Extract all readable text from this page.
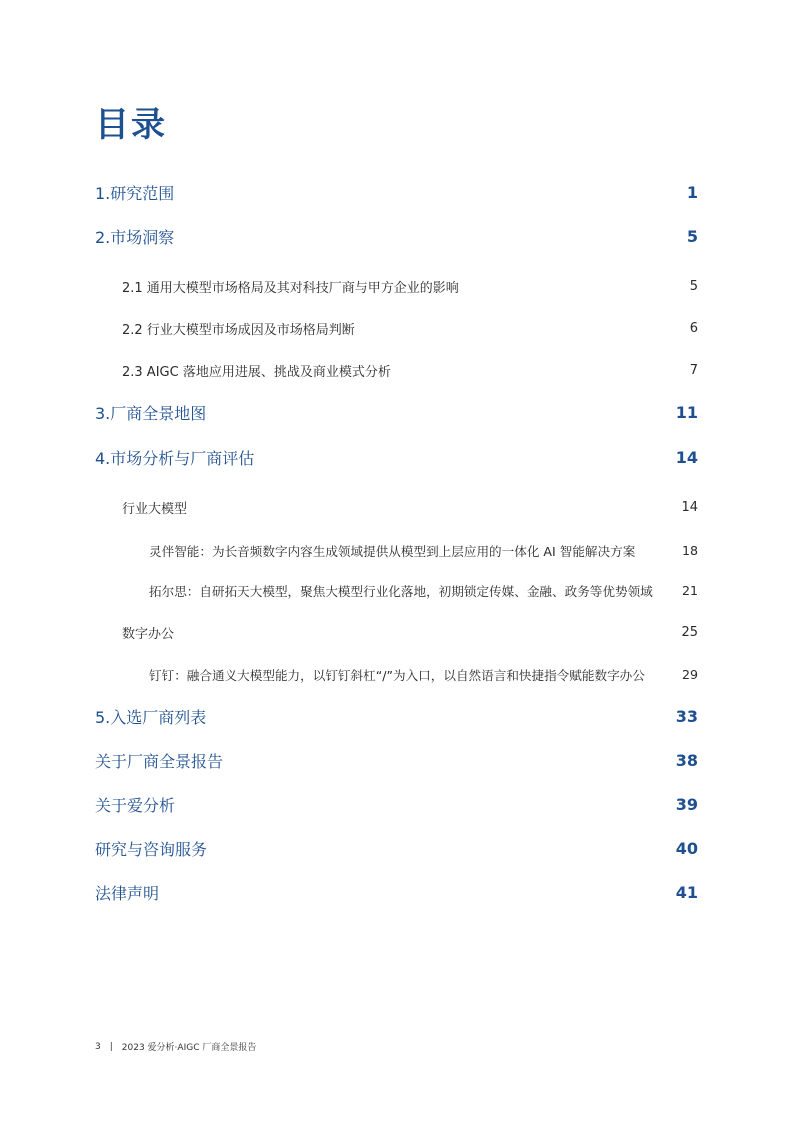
目录
1.研究范围	1
2.市场洞察	5
2.1 通用大模型市场格局及其对科技厂商与甲方企业的影响	5
2.2 行业大模型市场成因及市场格局判断	6
2.3 AIGC 落地应用进展、挑战及商业模式分析	7
3.厂商全景地图	11
4.市场分析与厂商评估	14
行业大模型	14
灵伴智能：为长音频数字内容生成领域提供从模型到上层应用的一体化 AI 智能解决方案	18
拓尔思：自研拓天大模型，聚焦大模型行业化落地，初期锁定传媒、金融、政务等优势领域 21
数字办公	25
钉钉：融合通义大模型能力，以钉钉斜杠“/”为入口，以自然语言和快捷指令赋能数字办公	29
5.入选厂商列表	33
关于厂商全景报告	38
关于爱分析	39
研究与咨询服务	40
法律声明	41
3 | 2023 爱分析·AIGC 厂商全景报告
